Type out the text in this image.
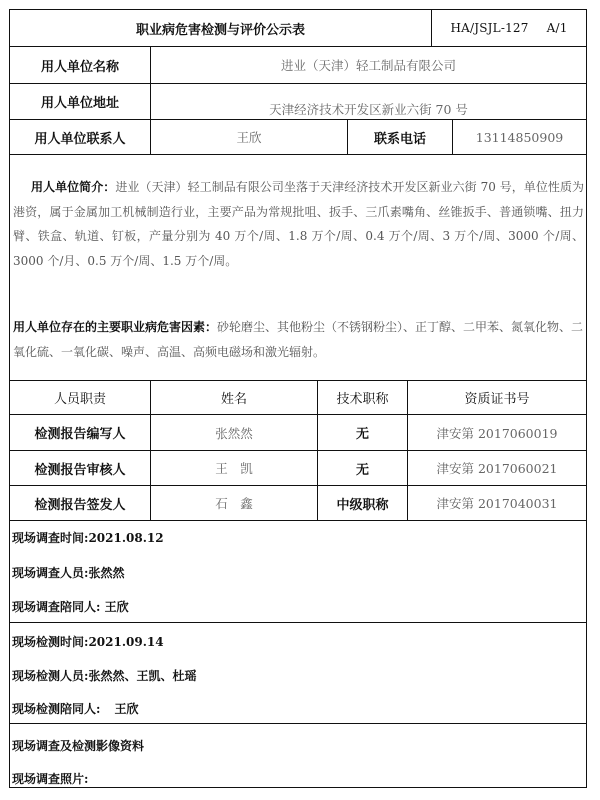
职业病危害检测与评价公示表	HA/JSJL-127 A/1
用人单位名称	进业（天津）轻工制品有限公司
用人单位地址	天津经济技术开发区新业六街 70 号
用人单位联系人	王欣	联系电话	13114850909
用人单位简介：进业（天津）轻工制品有限公司坐落于天津经济技术开发区新业六街 70 号，单位性质为港资，属于金属加工机械制造行业，主要产品为常规批咀、扳手、三爪素嘴角、丝锥扳手、普通锁嘴、扭力臂、铁盒、轨道、钉板，产量分别为 40 万个/周、1.8 万个/周、0.4 万个/周、3 万个/周、3000 个/周、3000 个/月、0.5 万个/周、1.5 万个/周。
用人单位存在的主要职业病危害因素：砂轮磨尘、其他粉尘（不锈钢粉尘）、正丁醇、二甲苯、氮氧化物、二氧化硫、一氧化碳、噪声、高温、高频电磁场和激光辐射。
人员职责	姓名	技术职称	资质证书号
检测报告编写人	张然然	无	津安第 2017060019
检测报告审核人	王　凯	无	津安第 2017060021
检测报告签发人	石　鑫	中级职称	津安第 2017040031
现场调查时间:2021.08.12
现场调查人员:张然然
现场调查陪同人: 王欣
现场检测时间:2021.09.14
现场检测人员:张然然、王凯、杜瑶
现场检测陪同人: 王欣
现场调查及检测影像资料
现场调查照片:
